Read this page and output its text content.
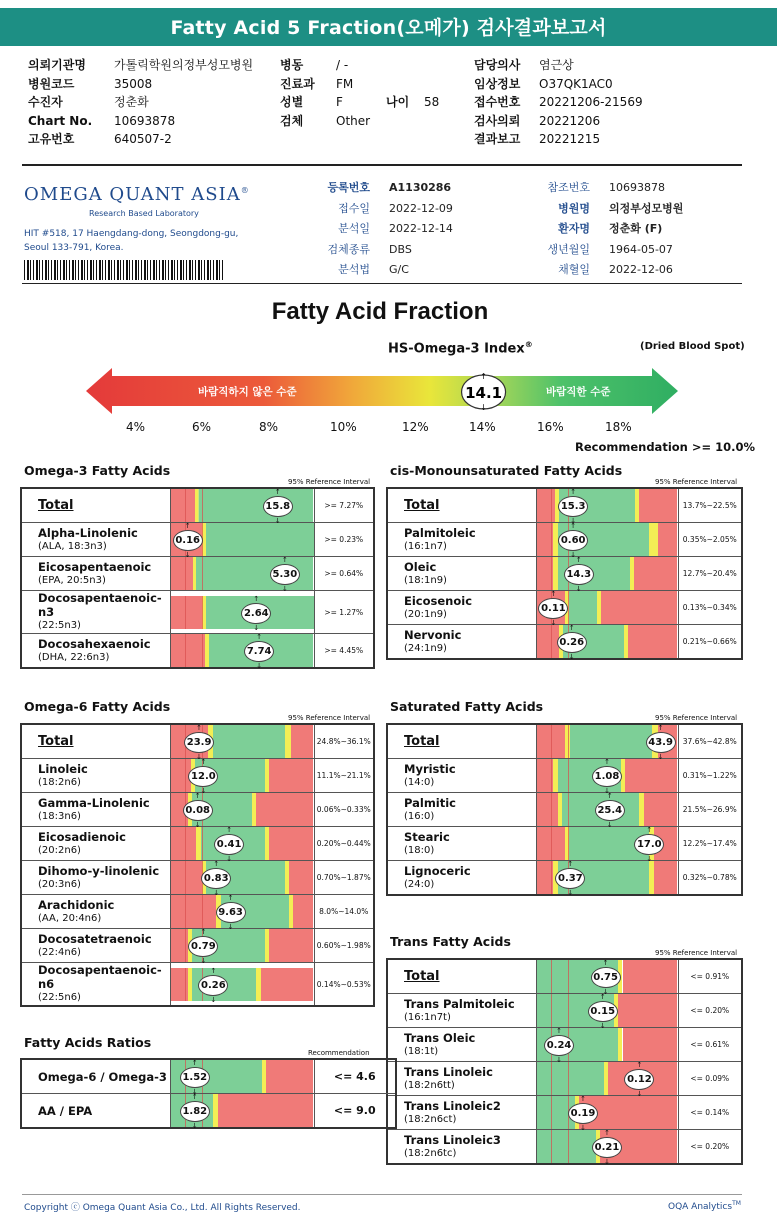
Fatty Acid 5 Fraction(오메가) 검사결과보고서
의뢰기관명 가톨릭학원의정부성모병원
병원코드	35008
수진자	정춘화
Chart No. 10693878
고유번호	640507-2
병동	/ -
진료과 FM
성별	F	나이 58
검체	Other
담당의사 염근상
임상정보 O37QK1AC0
접수번호 20221206-21569
검사의뢰 20221206
결과보고 20221215
OMEGA QUANT ASIA®
Research Based Laboratory
HIT #518, 17 Haengdang-dong, Seongdong-gu, Seoul 133-791, Korea.
등록번호 A1130286
접수일 2022-12-09
분석일 2022-12-14
검체종류 DBS
분석법 G/C
참조번호 10693878
병원명 의정부성모병원
환자명 정춘화 (F)
생년월일 1964-05-07
채혈일 2022-12-06
Fatty Acid Fraction
HS-Omega-3 Index®	(Dried Blood Spot)
바람직하지 않은 수준	바람직한 수준
14.1
↑
↓
4%	6%	8%	10%	12%	14%	16%	18%
Recommendation >= 10.0%
Omega-3 Fatty Acids
95% Reference Interval
cis-Monounsaturated Fatty Acids
95% Reference Interval
Omega-6 Fatty Acids
95% Reference Interval
Saturated Fatty Acids
95% Reference Interval
Trans Fatty Acids
95% Reference Interval
Fatty Acids Ratios
Recommendation
Total	↑ 15.8 ↓	>= 7.27%

Alpha-Linolenic
(ALA, 18:3n3)	↑ 0.16 ↓	>= 0.23%

Eicosapentaenoic
(EPA, 20:5n3)	↑ 5.30 ↓	>= 0.64%

Docosapentaenoic-n3
(22:5n3)	↑ 2.64 ↓	>= 1.27%

Docosahexaenoic
(DHA, 22:6n3)	↑ 7.74 ↓	>= 4.45%
Total	↑ 15.3 ↓	13.7%~22.5%

Palmitoleic
(16:1n7)	↑ 0.60 ↓	0.35%~2.05%

Oleic
(18:1n9)	↑ 14.3 ↓	12.7%~20.4%

Eicosenoic
(20:1n9)	↑ 0.11 ↓	0.13%~0.34%

Nervonic
(24:1n9)	↑ 0.26 ↓	0.21%~0.66%
Total	↑ 23.9 ↓	24.8%~36.1%

Linoleic
(18:2n6)	↑ 12.0 ↓	11.1%~21.1%

Gamma-Linolenic
(18:3n6)	↑ 0.08 ↓	0.06%~0.33%

Eicosadienoic
(20:2n6)	↑ 0.41 ↓	0.20%~0.44%

Dihomo-y-linolenic
(20:3n6)	↑ 0.83 ↓	0.70%~1.87%

Arachidonic
(AA, 20:4n6)	↑ 9.63 ↓	8.0%~14.0%

Docosatetraenoic
(22:4n6)	↑ 0.79 ↓	0.60%~1.98%

Docosapentaenoic-n6
(22:5n6)	↑ 0.26 ↓	0.14%~0.53%
Total	↑ 43.9 ↓	37.6%~42.8%

Myristic
(14:0)	↑ 1.08 ↓	0.31%~1.22%

Palmitic
(16:0)	↑ 25.4 ↓	21.5%~26.9%

Stearic
(18:0)	↑ 17.0 ↓	12.2%~17.4%

Lignoceric
(24:0)	↑ 0.37 ↓	0.32%~0.78%
Total	↑ 0.75 ↓	<= 0.91%

Trans Palmitoleic
(16:1n7t)	↑ 0.15 ↓	<= 0.20%

Trans Oleic
(18:1t)	↑ 0.24 ↓	<= 0.61%

Trans Linoleic
(18:2n6tt)	↑ 0.12 ↓	<= 0.09%

Trans Linoleic2
(18:2n6ct)	↑ 0.19 ↓	<= 0.14%

Trans Linoleic3
(18:2n6tc)	↑ 0.21 ↓	<= 0.20%
Omega-6 / Omega-3	↑ 1.52 ↓	<= 4.6

AA / EPA	↑ 1.82 ↓	<= 9.0
Copyright ⓒ Omega Quant Asia Co., Ltd. All Rights Reserved.	OQA Analytics™
